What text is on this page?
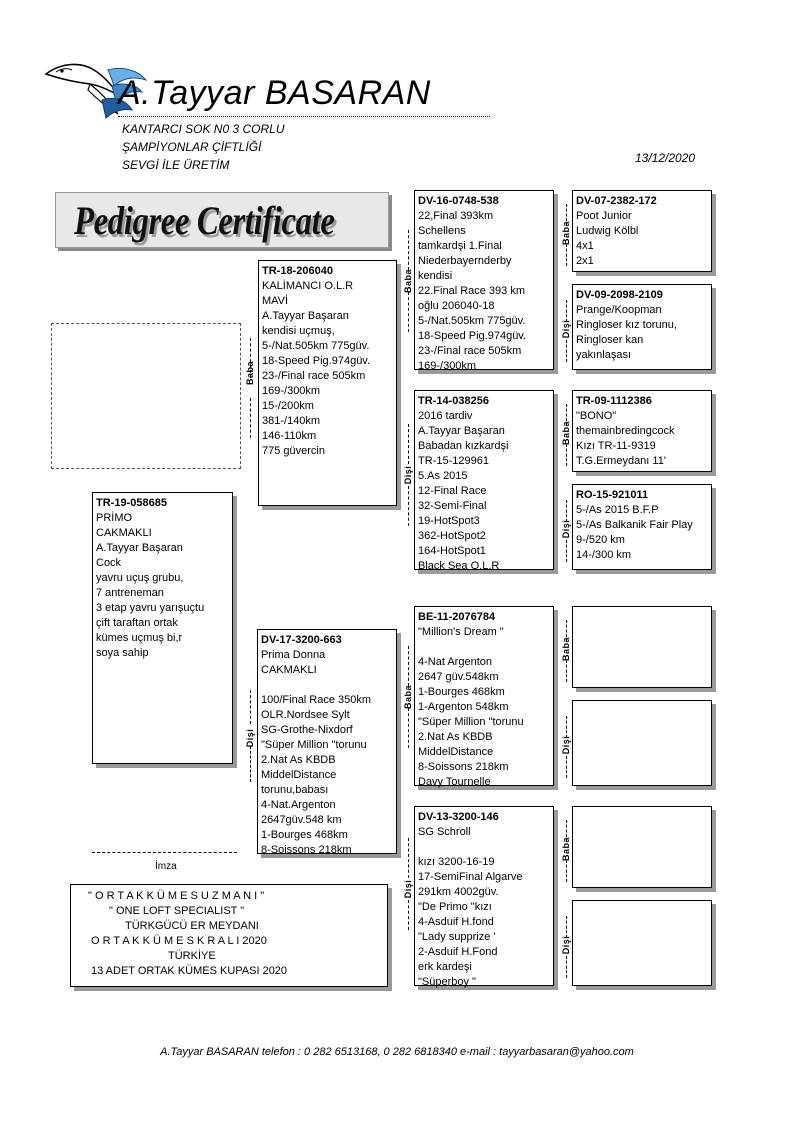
A.Tayyar BASARAN
KANTARCI SOK N0 3 CORLU
ŞAMPİYONLAR ÇİFTLİĞİ
SEVGİ İLE ÜRETİM	13/12/2020
Pedigree Certificate
TR-19-058685
PRİMO
CAKMAKLI
A.Tayyar Başaran
Cock
yavru uçuş grubu,
7 antreneman
3 etap yavru yarışuçtu
çift taraftan ortak
kümes uçmuş bi,r
soya sahip
TR-18-206040
KALİMANCI O.L.R
MAVİ
A.Tayyar Başaran
kendisi uçmuş,
5-/Nat.505km 775güv.
18-Speed Pig.974güv.
23-/Final race 505km
169-/300km
15-/200km
381-/140km
146-110km
775 güvercin
DV-17-3200-663
Prima Donna
CAKMAKLI

100/Final Race 350km
OLR.Nordsee Sylt
SG-Grothe-Nixdorf
"Süper Million "torunu
2.Nat As KBDB
MiddelDistance
torunu,babası
4-Nat.Argenton
2647güv.548 km
1-Bourges 468km
8-Soissons 218km
DV-16-0748-538
22,Final 393km
Schellens
tamkardşi 1.Final
Niederbayernderby
kendisi
22.Final Race 393 km
oğlu 206040-18
5-/Nat.505km 775güv.
18-Speed Pig.974güv.
23-/Final race 505km
169-/300km
TR-14-038256
2016 tardiv
A.Tayyar Başaran
Babadan kızkardşi
TR-15-129961
5.As 2015
12-Final Race
32-Semi-Final
19-HotSpot3
362-HotSpot2
164-HotSpot1
Black Sea O.L.R
BE-11-2076784
"Million's Dream "

4-Nat Argenton
2647 güv.548km
1-Bourges 468km
1-Argenton 548km
"Süper Million "torunu
2.Nat As KBDB
MiddelDistance
8-Soissons 218km
Davy Tournelle
DV-13-3200-146
SG Schroll

kızı 3200-16-19
17-SemiFinal Algarve
291km 4002güv.
"De Primo "kızı
4-Asduif H.fond
"Lady supprize '
2-Asduif H.Fond
erk kardeşi
"Süperboy "
DV-07-2382-172
Poot Junior
Ludwig Kölbl
4x1
2x1
DV-09-2098-2109
Prange/Koopman
Ringloser kız torunu,
Ringloser kan
yakınlaşası
TR-09-1112386
"BONO"
themainbredingcock
Kızı TR-11-9319
T.G.Ermeydanı 11'
RO-15-921011
5-/As 2015 B.F.P
5-/As Balkanik Fair Play
9-/520 km
14-/300 km
Baba
Dişi
Baba
Dişi
Baba
Dişi
Baba
Dişi
Baba
Dişi
Baba
Dişi
Baba
Dişi
İmza
" O R T A K K Ü M E S U Z M A N I "
" ONE LOFT SPECIALIST "
TÜRKGÜCÜ ER MEYDANI
O R T A K K Ü M E S K R A L I 2020
TÜRKİYE
13 ADET ORTAK KÜMES KUPASI 2020
A.Tayyar BASARAN telefon : 0 282 6513168, 0 282 6818340 e-mail : tayyarbasaran@yahoo.com
